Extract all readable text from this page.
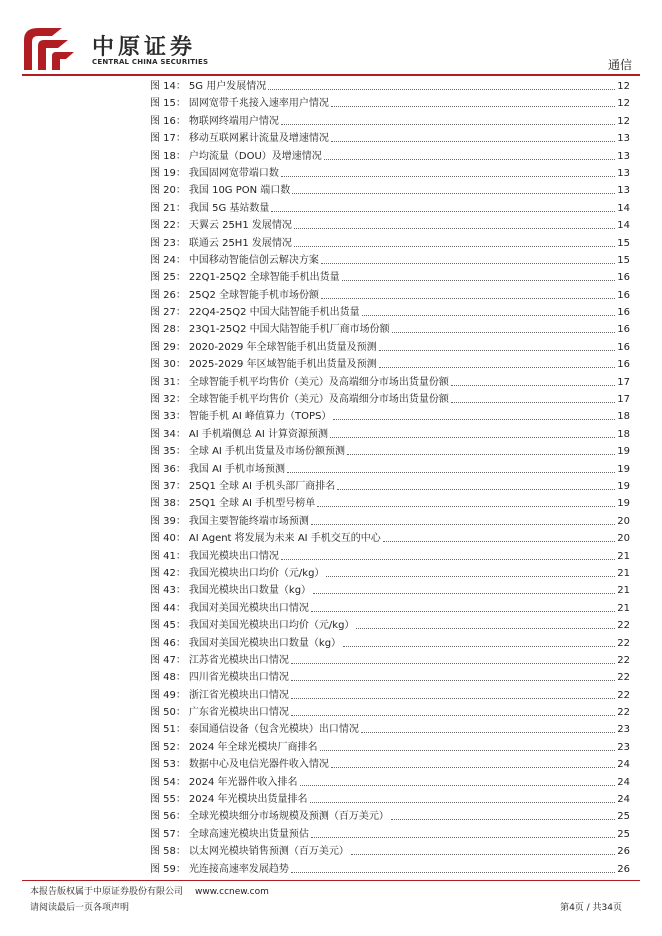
中原证券
CENTRAL CHINA SECURITIES	通信
图 14： 5G 用户发展情况	12
图 15： 固网宽带千兆接入速率用户情况	12
图 16： 物联网终端用户情况	12
图 17： 移动互联网累计流量及增速情况	13
图 18： 户均流量（DOU）及增速情况	13
图 19： 我国固网宽带端口数	13
图 20： 我国 10G PON 端口数	13
图 21： 我国 5G 基站数量	14
图 22： 天翼云 25H1 发展情况	14
图 23： 联通云 25H1 发展情况	15
图 24： 中国移动智能信创云解决方案	15
图 25： 22Q1-25Q2 全球智能手机出货量	16
图 26： 25Q2 全球智能手机市场份额	16
图 27： 22Q4-25Q2 中国大陆智能手机出货量	16
图 28： 23Q1-25Q2 中国大陆智能手机厂商市场份额	16
图 29： 2020-2029 年全球智能手机出货量及预测	16
图 30： 2025-2029 年区域智能手机出货量及预测	16
图 31： 全球智能手机平均售价（美元）及高端细分市场出货量份额	17
图 32： 全球智能手机平均售价（美元）及高端细分市场出货量份额	17
图 33： 智能手机 AI 峰值算力（TOPS）	18
图 34： AI 手机端侧总 AI 计算资源预测	18
图 35： 全球 AI 手机出货量及市场份额预测	19
图 36： 我国 AI 手机市场预测	19
图 37： 25Q1 全球 AI 手机头部厂商排名	19
图 38： 25Q1 全球 AI 手机型号榜单	19
图 39： 我国主要智能终端市场预测	20
图 40： AI Agent 将发展为未来 AI 手机交互的中心	20
图 41： 我国光模块出口情况	21
图 42： 我国光模块出口均价（元/kg）	21
图 43： 我国光模块出口数量（kg）	21
图 44： 我国对美国光模块出口情况	21
图 45： 我国对美国光模块出口均价（元/kg）	22
图 46： 我国对美国光模块出口数量（kg）	22
图 47： 江苏省光模块出口情况	22
图 48： 四川省光模块出口情况	22
图 49： 浙江省光模块出口情况	22
图 50： 广东省光模块出口情况	22
图 51： 泰国通信设备（包含光模块）出口情况	23
图 52： 2024 年全球光模块厂商排名	23
图 53： 数据中心及电信光器件收入情况	24
图 54： 2024 年光器件收入排名	24
图 55： 2024 年光模块出货量排名	24
图 56： 全球光模块细分市场规模及预测（百万美元）	25
图 57： 全球高速光模块出货量预估	25
图 58： 以太网光模块销售预测（百万美元）	26
图 59： 光连接高速率发展趋势	26
本报告版权属于中原证券股份有限公司 www.ccnew.com
请阅读最后一页各项声明	第4页 / 共34页
